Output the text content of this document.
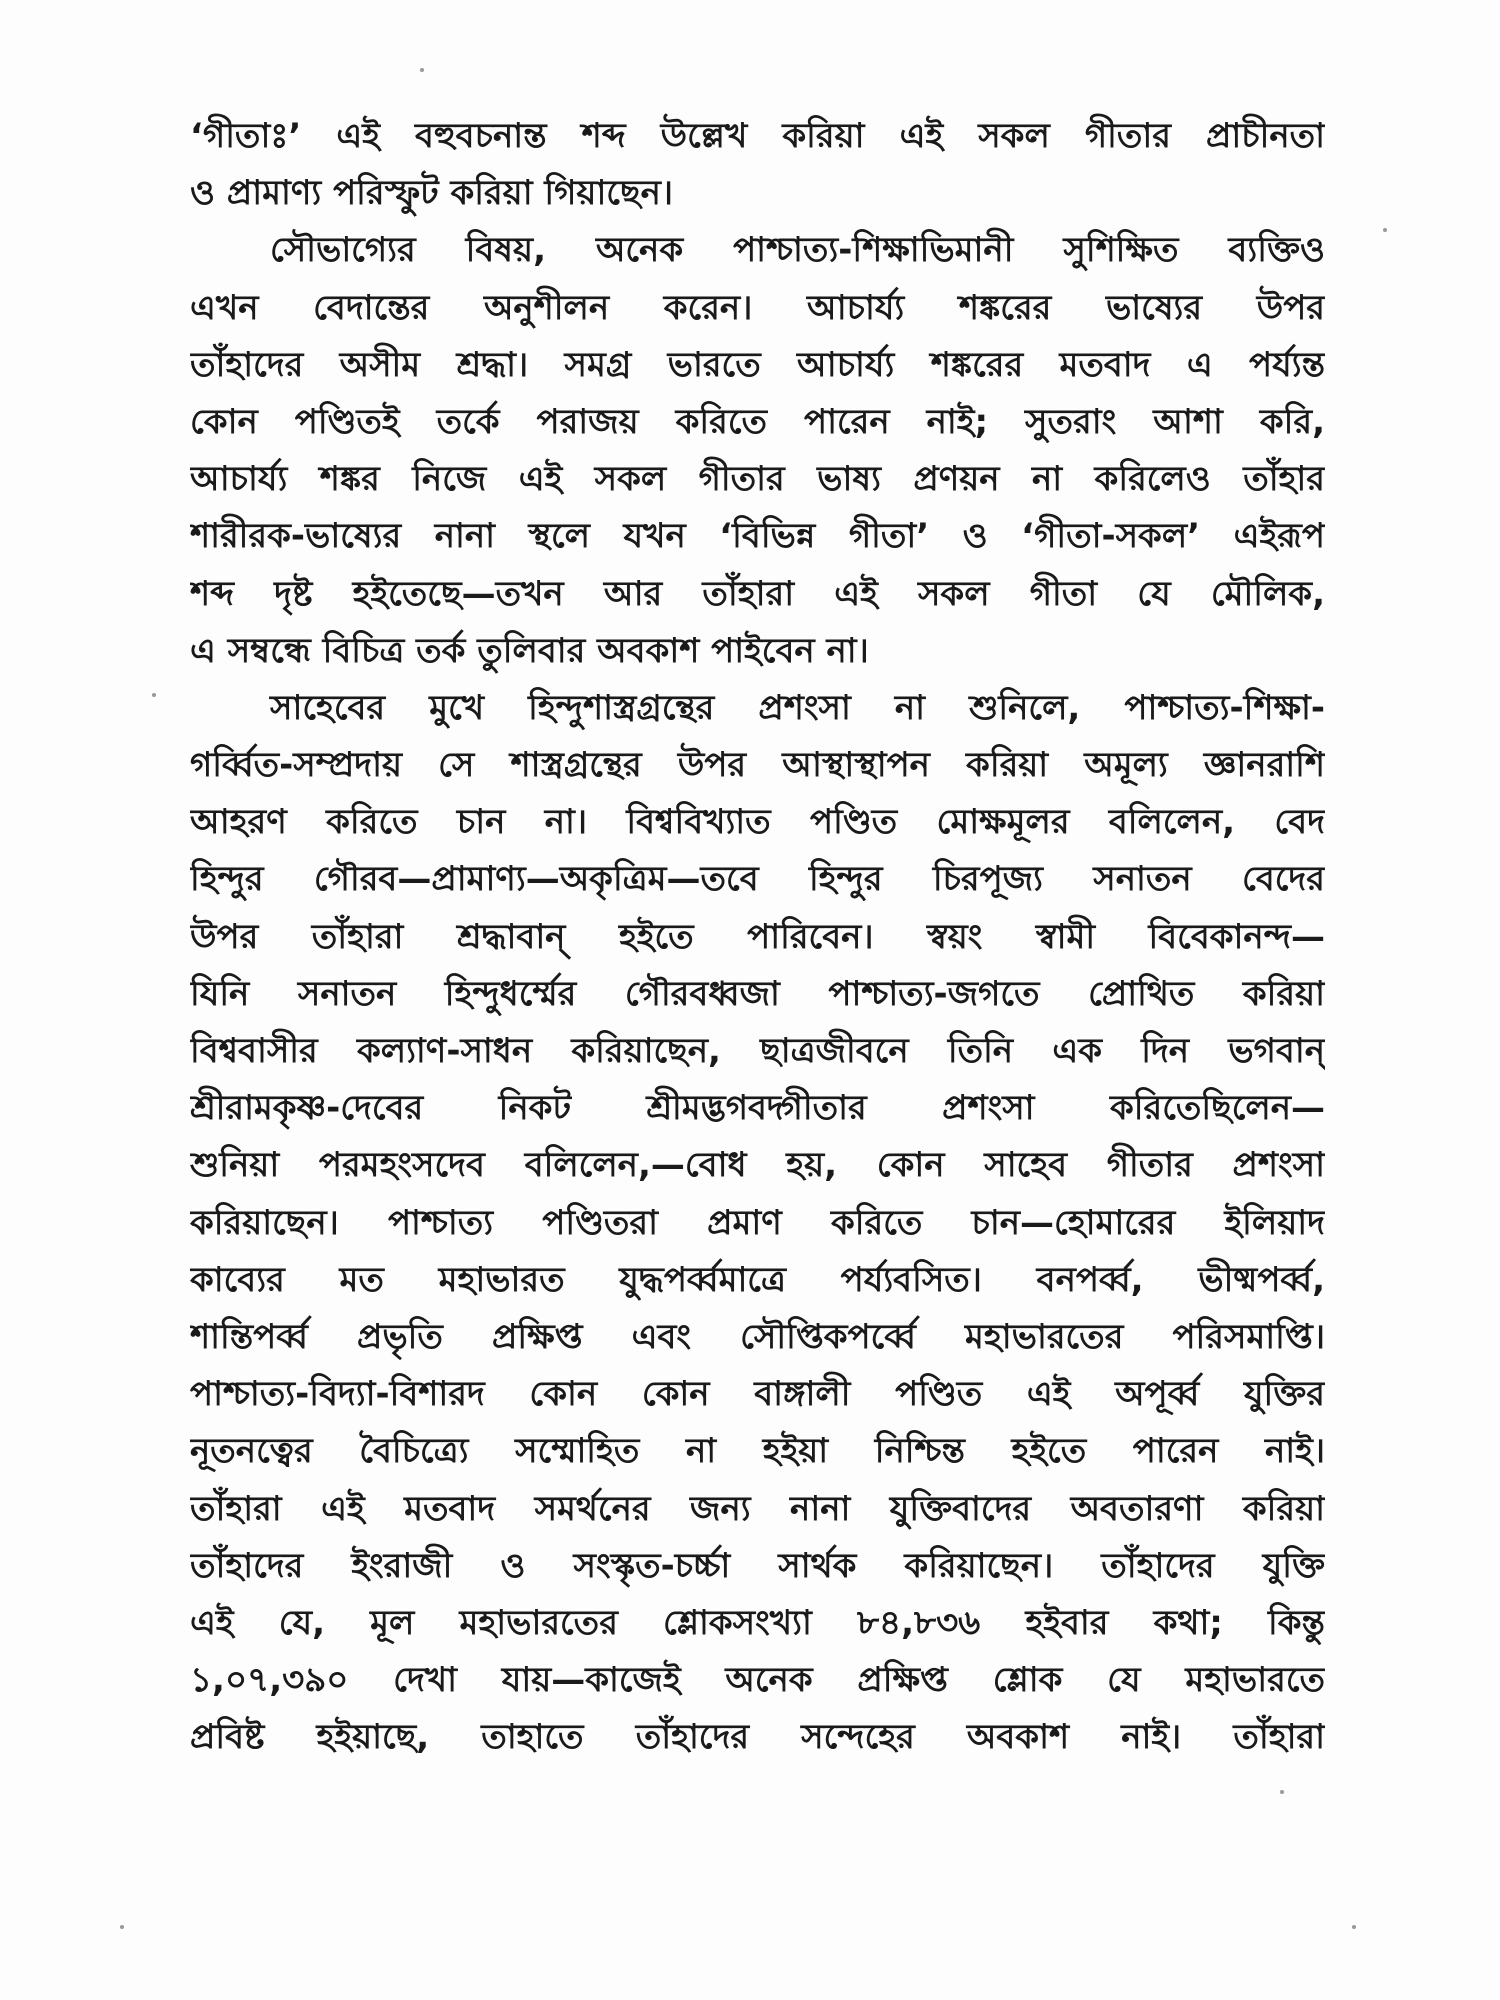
‘গীতাঃ’ এই বহুবচনান্ত শব্দ উল্লেখ করিয়া এই সকল গীতার প্রাচীনতা
ও প্রামাণ্য পরিস্ফুট করিয়া গিয়াছেন।
সৌভাগ্যের বিষয়, অনেক পাশ্চাত্য-শিক্ষাভিমানী সুশিক্ষিত ব্যক্তিও
এখন বেদান্তের অনুশীলন করেন। আচার্য্য শঙ্করের ভাষ্যের উপর
তাঁহাদের অসীম শ্রদ্ধা। সমগ্র ভারতে আচার্য্য শঙ্করের মতবাদ এ পর্য্যন্ত
কোন পণ্ডিতই তর্কে পরাজয় করিতে পারেন নাই; সুতরাং আশা করি,
আচার্য্য শঙ্কর নিজে এই সকল গীতার ভাষ্য প্রণয়ন না করিলেও তাঁহার
শারীরক-ভাষ্যের নানা স্থলে যখন ‘বিভিন্ন গীতা’ ও ‘গীতা-সকল’ এইরূপ
শব্দ দৃষ্ট হইতেছে—তখন আর তাঁহারা এই সকল গীতা যে মৌলিক,
এ সম্বন্ধে বিচিত্র তর্ক তুলিবার অবকাশ পাইবেন না।
সাহেবের মুখে হিন্দুশাস্ত্রগ্রন্থের প্রশংসা না শুনিলে, পাশ্চাত্য-শিক্ষা-
গর্ব্বিত-সম্প্রদায় সে শাস্ত্রগ্রন্থের উপর আস্থাস্থাপন করিয়া অমূল্য জ্ঞানরাশি
আহরণ করিতে চান না। বিশ্ববিখ্যাত পণ্ডিত মোক্ষমূলর বলিলেন, বেদ
হিন্দুর গৌরব—প্রামাণ্য—অকৃত্রিম—তবে হিন্দুর চিরপূজ্য সনাতন বেদের
উপর তাঁহারা শ্রদ্ধাবান্ হইতে পারিবেন। স্বয়ং স্বামী বিবেকানন্দ—
যিনি সনাতন হিন্দুধর্ম্মের গৌরবধ্বজা পাশ্চাত্য-জগতে প্রোথিত করিয়া
বিশ্ববাসীর কল্যাণ-সাধন করিয়াছেন, ছাত্রজীবনে তিনি এক দিন ভগবান্
শ্রীরামকৃষ্ণ-দেবের নিকট শ্রীমদ্ভগবদ্গীতার প্রশংসা করিতেছিলেন—
শুনিয়া পরমহংসদেব বলিলেন,—বোধ হয়, কোন সাহেব গীতার প্রশংসা
করিয়াছেন। পাশ্চাত্য পণ্ডিতরা প্রমাণ করিতে চান—হোমারের ইলিয়াদ
কাব্যের মত মহাভারত যুদ্ধপর্ব্বমাত্রে পর্য্যবসিত। বনপর্ব্ব, ভীষ্মপর্ব্ব,
শান্তিপর্ব্ব প্রভৃতি প্রক্ষিপ্ত এবং সৌপ্তিকপর্ব্বে মহাভারতের পরিসমাপ্তি।
পাশ্চাত্য-বিদ্যা-বিশারদ কোন কোন বাঙ্গালী পণ্ডিত এই অপূর্ব্ব যুক্তির
নূতনত্বের বৈচিত্র্যে সম্মোহিত না হইয়া নিশ্চিন্ত হইতে পারেন নাই।
তাঁহারা এই মতবাদ সমর্থনের জন্য নানা যুক্তিবাদের অবতারণা করিয়া
তাঁহাদের ইংরাজী ও সংস্কৃত-চর্চ্চা সার্থক করিয়াছেন। তাঁহাদের যুক্তি
এই যে, মূল মহাভারতের শ্লোকসংখ্যা ৮৪,৮৩৬ হইবার কথা; কিন্তু
১,০৭,৩৯০ দেখা যায়—কাজেই অনেক প্রক্ষিপ্ত শ্লোক যে মহাভারতে
প্রবিষ্ট হইয়াছে, তাহাতে তাঁহাদের সন্দেহের অবকাশ নাই। তাঁহারা
